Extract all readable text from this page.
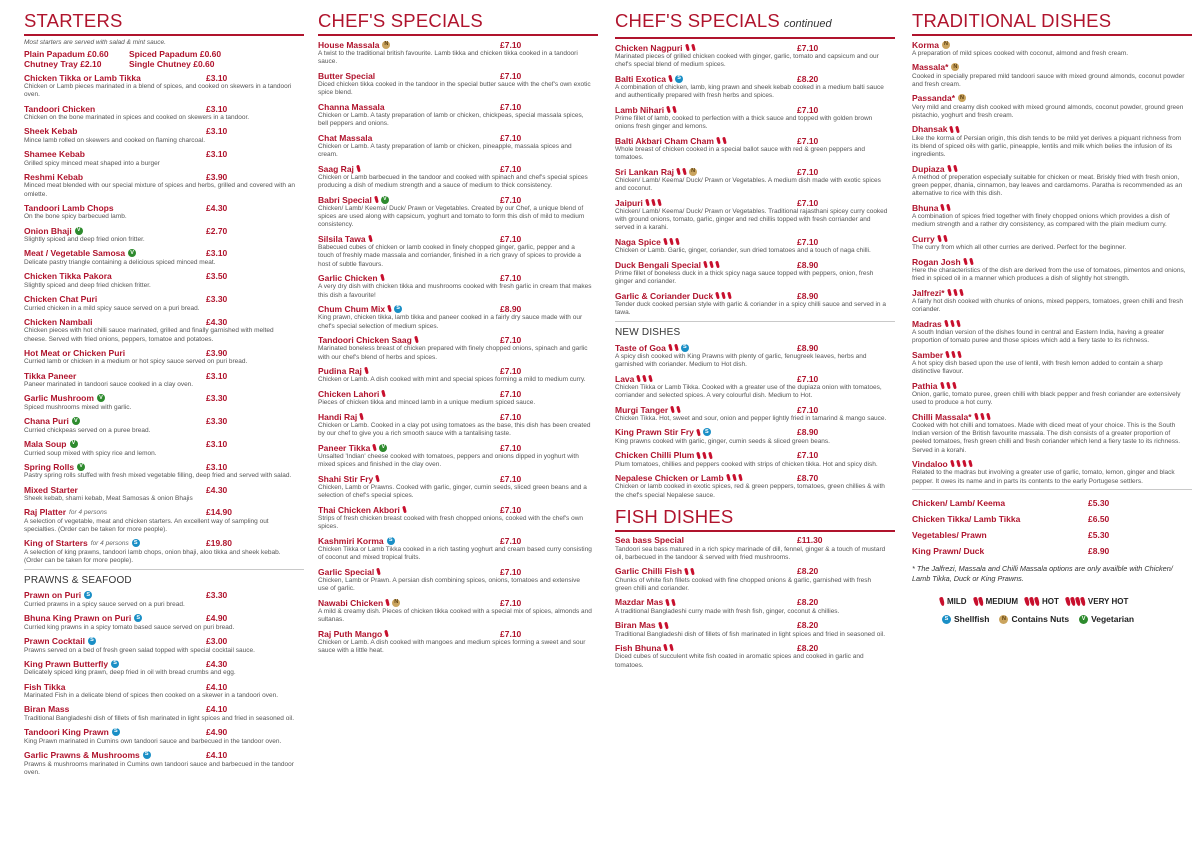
STARTERS
Most starters are served with salad & mint sauce.
Plain Papadum £0.60	Spiced Papadum £0.60
Chutney Tray £2.10	Single Chutney £0.60
Chicken Tikka or Lamb Tikka	£3.10
Chicken or Lamb pieces marinated in a blend of spices, and cooked on skewers in a tandoori oven.
Tandoori Chicken	£3.10
Chicken on the bone marinated in spices and cooked on skewers in a tandoor.
Sheek Kebab	£3.10
Mince lamb rolled on skewers and cooked on flaming charcoal.
Shamee Kebab	£3.10
Grilled spicy minced meat shaped into a burger
Reshmi Kebab	£3.90
Minced meat blended with our special mixture of spices and herbs, grilled and covered with an omlette.
Tandoori Lamb Chops	£4.30
On the bone spicy barbecued lamb.
Onion Bhaji V	£2.70
Slightly spiced and deep fried onion fritter.
Meat / Vegetable Samosa V	£3.10
Delicate pastry triangle containing a delicious spiced minced meat.
Chicken Tikka Pakora	£3.50
Slightly spiced and deep fried chicken fritter.
Chicken Chat Puri	£3.30
Curried chicken in a mild spicy sauce served on a puri bread.
Chicken Nambali	£4.30
Chicken pieces with hot chilli sauce marinated, grilled and finally garnished with melted cheese. Served with fried onions, peppers, tomatoe and potatoes.
Hot Meat or Chicken Puri	£3.90
Curried lamb or chicken in a medium or hot spicy sauce served on puri bread.
Tikka Paneer	£3.10
Paneer marinated in tandoori sauce cooked in a clay oven.
Garlic Mushroom V	£3.30
Spiced mushrooms mixed with garlic.
Chana Puri V	£3.30
Curried chickpeas served on a puree bread.
Mala Soup V	£3.10
Curried soup mixed with spicy rice and lemon.
Spring Rolls V	£3.10
Pastry spring rolls stuffed with fresh mixed vegetable filling, deep fried and served with salad.
Mixed Starter	£4.30
Sheek kebab, shami kebab, Meat Samosas & onion Bhajis
Raj Platter for 4 persons	£14.90
A selection of vegetable, meat and chicken starters. An excellent way of sampling out specialties. (Order can be taken for more people).
King of Starters for 4 persons S	£19.80
A selection of king prawns, tandoori lamb chops, onion bhaji, aloo tikka and sheek kebab. (Order can be taken for more people).
PRAWNS & SEAFOOD
Prawn on Puri S	£3.30
Curried prawns in a spicy sauce served on a puri bread.
Bhuna King Prawn on Puri S	£4.90
Curried king prawns in a spicy tomato based sauce served on puri bread.
Prawn Cocktail S	£3.00
Prawns served on a bed of fresh green salad topped with special cocktail sauce.
King Prawn Butterfly S	£4.30
Delicately spiced king prawn, deep fried in oil with bread crumbs and egg.
Fish Tikka	£4.10
Marinated Fish in a delicate blend of spices then cooked on a skewer in a tandoori oven.
Biran Mass	£4.10
Traditional Bangladeshi dish of fillets of fish marinated in light spices and fried in seasoned oil.
Tandoori King Prawn S	£4.90
King Prawn marinated in Cumins own tandoori sauce and barbecued in the tandoor oven.
Garlic Prawns & Mushrooms S	£4.10
Prawns & mushrooms marinated in Cumins own tandoori sauce and barbecued in the tandoor oven.
CHEF'S SPECIALS
House Massala N	£7.10
A twist to the traditional british favourite. Lamb tikka and chicken tikka cooked in a tandoori sauce.
Butter Special	£7.10
Diced chicken tikka cooked in the tandoor in the special butter sauce with the chef's own exotic spice blend.
Channa Massala	£7.10
Chicken or Lamb. A tasty preparation of lamb or chicken, chickpeas, special massala spices, bell peppers and onions.
Chat Massala	£7.10
Chicken or Lamb. A tasty preparation of lamb or chicken, pineapple, massala spices and cream.
Saag Raj	£7.10
Chicken or Lamb barbecued in the tandoor and cooked with spinach and chef's special spices producing a dish of medium strength and a sauce of medium to thick consistency.
Babri Special	V	£7.10
Chicken/ Lamb/ Keema/ Duck/ Prawn or Vegetables. Created by our Chef, a unique blend of spices are used along with capsicum, yoghurt and tomato to form this dish of mild to medium consistency.
Silsila Tawa	£7.10
Babecued cubes of chicken or lamb cooked in finely chopped ginger, garlic, pepper and a touch of freshly made massala and corriander, finished in a rich gravy of spices to provide a host of subtle flavours.
Garlic Chicken	£7.10
A very dry dish with chicken tikka and mushrooms cooked with fresh garlic in cream that makes this dish a favourite!
Chum Chum Mix	S	£8.90
King prawn, chicken tikka, lamb tikka and paneer cooked in a fairly dry sauce made with our chef's special selection of medium spices.
Tandoori Chicken Saag	£7.10
Marinated boneless breast of chicken prepared with finely chopped onions, spinach and garlic with our chef's blend of herbs and spices.
Pudina Raj	£7.10
Chicken or Lamb. A dish cooked with mint and special spices forming a mild to medium curry.
Chicken Lahori	£7.10
Pieces of chicken tikka and minced lamb in a unique medium spiced sauce.
Handi Raj	£7.10
Chicken or Lamb. Cooked in a clay pot using tomatoes as the base, this dish has been created by our chef to give you a rich smooth sauce with a tantalising taste.
Paneer Tikka	V	£7.10
Unsalted 'Indian' cheese cooked with tomatoes, peppers and onions dipped in yoghurt with mixed spices and finished in the clay oven.
Shahi Stir Fry	£7.10
Chicken, Lamb or Prawns. Cooked with garlic, ginger, cumin seeds, sliced green beans and a selection of chef's special spices.
Thai Chicken Akbori	£7.10
Strips of fresh chicken breast cooked with fresh chopped onions, cooked with the chef's own spices.
Kashmiri Korma S	£7.10
Chicken Tikka or Lamb Tikka cooked in a rich tasting yoghurt and cream based curry consisting of coconut and mixed tropical fruits.
Garlic Special	£7.10
Chicken, Lamb or Prawn. A persian dish combining spices, onions, tomatoes and extensive use of garlic.
Nawabi Chicken	N	£7.10
A mild & creamy dish. Pieces of chicken tikka cooked with a special mix of spices, almonds and sultanas.
Raj Puth Mango	£7.10
Chicken or Lamb. A dish cooked with mangoes and medium spices forming a sweet and sour sauce with a little heat.
CHEF'S SPECIALS continued
Chicken Nagpuri	£7.10
Marinated pieces of grilled chicken cooked with ginger, garlic, tomato and capsicum and our chef's special blend of medium spices.
Balti Exotica	S	£8.20
A combination of chicken, lamb, king prawn and sheek kebab cooked in a medium balti sauce and authentically prepared with fresh herbs and spices.
Lamb Nihari	£7.10
Prime fillet of lamb, cooked to perfection with a thick sauce and topped with golden brown onions fresh ginger and lemons.
Balti Akbari Cham Cham	£7.10
Whole breast of chicken cooked in a special ballot sauce with red & green peppers and tomatoes.
Sri Lankan Raj	N	£7.10
Chicken/ Lamb/ Keema/ Duck/ Prawn or Vegetables. A medium dish made with exotic spices and coconut.
Jaipuri	£7.10
Chicken/ Lamb/ Keema/ Duck/ Prawn or Vegetables. Traditional rajasthani spicey curry cooked with ground onions, tomato, garlic, ginger and red chillis topped with fresh corriander and served in a karahi.
Naga Spice	£7.10
Chicken or Lamb. Garlic, ginger, coriander, sun dried tomatoes and a touch of naga chilli.
Duck Bengali Special	£8.90
Prime fillet of boneless duck in a thick spicy naga sauce topped with peppers, onion, fresh ginger and coriander.
Garlic & Coriander Duck	£8.90
Tender duck cooked persian style with garlic & coriander in a spicy chilli sauce and served in a tawa.
NEW DISHES
Taste of Goa	S	£8.90
A spicy dish cooked with King Prawns with plenty of garlic, fenugreek leaves, herbs and garnished with coriander. Medium to Hot dish.
Lava	£7.10
Chicken Tikka or Lamb Tikka. Cooked with a greater use of the dupiaza onion with tomatoes, corriander and selected spices. A very colourful dish. Medium to Hot.
Murgi Tanger	£7.10
Chicken Tikka. Hot, sweet and sour, onion and pepper lightly fried in tamarind & mango sauce.
King Prawn Stir Fry	S	£8.90
King prawns cooked with garlic, ginger, cumin seeds & sliced green beans.
Chicken Chilli Plum	£7.10
Plum tomatoes, chillies and peppers cooked with strips of chicken tikka. Hot and spicy dish.
Nepalese Chicken or Lamb	£8.70
Chicken or lamb cooked in exotic spices, red & green peppers, tomatoes, green chillies & with the chef's special Nepalese sauce.
FISH DISHES
Sea bass Special	£11.30
Tandoori sea bass matured in a rich spicy marinade of dill, fennel, ginger & a touch of mustard oil, barbecued in the tandoor & served with fried mushrooms.
Garlic Chilli Fish	£8.20
Chunks of white fish fillets cooked with fine chopped onions & garlic, garnished with fresh green chilli and coriander.
Mazdar Mas	£8.20
A traditional Bangladeshi curry made with fresh fish, ginger, coconut & chillies.
Biran Mas	£8.20
Traditional Bangladeshi dish of fillets of fish marinated in light spices and fried in seasoned oil.
Fish Bhuna	£8.20
Diced cubes of succulent white fish coated in aromatic spices and cooked in garlic and tomatoes.
TRADITIONAL DISHES
Korma N
A preparation of mild spices cooked with coconut, almond and fresh cream.
Massala* N
Cooked in specially prepared mild tandoori sauce with mixed ground almonds, coconut powder and fresh cream.
Passanda* N
Very mild and creamy dish cooked with mixed ground almonds, coconut powder, ground green pistachio, yoghurt and fresh cream.
Dhansak
Like the korma of Persian origin, this dish tends to be mild yet derives a piquant richness from its blend of spiced oils with garlic, pineapple, lentils and milk which belies the infusion of its ingredients.
Dupiaza
A method of preperation especially suitable for chicken or meat. Briskly fried with fresh onion, green pepper, dhania, cinnamon, bay leaves and cardamoms. Paratha is recommended as an alternative to rice with this dish.
Bhuna
A combination of spices fried together with finely chopped onions which provides a dish of medium strength and a rather dry consistency, as compared with the plain medium curry.
Curry
The curry from which all other curries are derived. Perfect for the beginner.
Rogan Josh
Here the characteristics of the dish are derived from the use of tomatoes, pimentos and onions, fried in spiced oil in a manner which produces a dish of slightly hot strength.
Jalfrezi*
A fairly hot dish cooked with chunks of onions, mixed peppers, tomatoes, green chilli and fresh coriander.
Madras
A south Indian version of the dishes found in central and Eastern India, having a greater proportion of tomato puree and those spices which add a fiery taste to its richness.
Samber
A hot spicy dish based upon the use of lentil, with fresh lemon added to contain a sharp distinctive flavour.
Pathia
Onion, garlic, tomato puree, green chilli with black pepper and fresh coriander are extensively used to produce a hot curry.
Chilli Massala*
Cooked with hot chilli and tomatoes. Made with diced meat of your choice. This is the South Indian version of the British favourite massala. The dish consists of a greater proportion of peeled tomatoes, fresh green chilli and fresh coriander which lend a fiery taste to its richness. Served in a korahi.
Vindaloo
Related to the madras but involving a greater use of garlic, tomato, lemon, ginger and black pepper. It owes its name and in parts its contents to the early Portugese settlers.
Chicken/ Lamb/ Keema	£5.30
Chicken Tikka/ Lamb Tikka	£6.50
Vegetables/ Prawn	£5.30
King Prawn/ Duck	£8.90
* The Jalfrezi, Massala and Chilli Massala options are only availble with Chicken/ Lamb Tikka, Duck or King Prawns.
MILD MEDIUM	HOT	VERY HOT
S Shellfish	N Contains Nuts	V Vegetarian
